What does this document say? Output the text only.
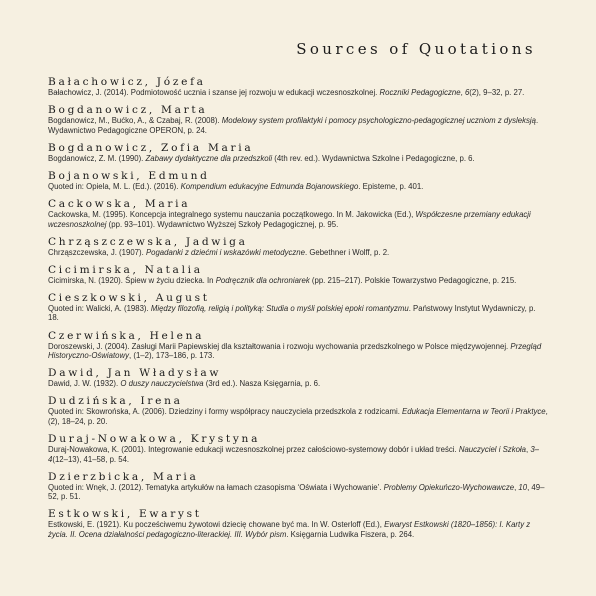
Sources of Quotations
Bałachowicz, Józefa
Bałachowicz, J. (2014). Podmiotowość ucznia i szanse jej rozwoju w edukacji wczesnoszkolnej. Roczniki Pedagogiczne, 6(2), 9–32, p. 27.
Bogdanowicz, Marta
Bogdanowicz, M., Bućko, A., & Czabaj, R. (2008). Modelowy system profilaktyki i pomocy psychologiczno-pedagogicznej uczniom z dysleksją. Wydawnictwo Pedagogiczne OPERON, p. 24.
Bogdanowicz, Zofia Maria
Bogdanowicz, Z. M. (1990). Zabawy dydaktyczne dla przedszkoli (4th rev. ed.). Wydawnictwa Szkolne i Pedagogiczne, p. 6.
Bojanowski, Edmund
Quoted in: Opiela, M. L. (Ed.). (2016). Kompendium edukacyjne Edmunda Bojanowskiego. Episteme, p. 401.
Cackowska, Maria
Cackowska, M. (1995). Koncepcja integralnego systemu nauczania początkowego. In M. Jakowicka (Ed.), Współczesne przemiany edukacji wczesnoszkolnej (pp. 93–101). Wydawnictwo Wyższej Szkoły Pedagogicznej, p. 95.
Chrząszczewska, Jadwiga
Chrząszczewska, J. (1907). Pogadanki z dziećmi i wskazówki metodyczne. Gebethner i Wolff, p. 2.
Cicimirska, Natalia
Cicimirska, N. (1920). Śpiew w życiu dziecka. In Podręcznik dla ochroniarek (pp. 215–217). Polskie Towarzystwo Pedagogiczne, p. 215.
Cieszkowski, August
Quoted in: Walicki, A. (1983). Między filozofią, religią i polityką: Studia o myśli polskiej epoki romantyzmu. Państwowy Instytut Wydawniczy, p. 18.
Czerwińska, Helena
Doroszewski, J. (2004). Zasługi Marii Papiewskiej dla kształtowania i rozwoju wychowania przedszkolnego w Polsce międzywojennej. Przegląd Historyczno-Oświatowy, (1–2), 173–186, p. 173.
Dawid, Jan Władysław
Dawid, J. W. (1932). O duszy nauczycielstwa (3rd ed.). Nasza Księgarnia, p. 6.
Dudzińska, Irena
Quoted in: Skowrońska, A. (2006). Dziedziny i formy współpracy nauczyciela przedszkola z rodzicami. Edukacja Elementarna w Teorii i Praktyce, (2), 18–24, p. 20.
Duraj-Nowakowa, Krystyna
Duraj-Nowakowa, K. (2001). Integrowanie edukacji wczesnoszkolnej przez całościowo-systemowy dobór i układ treści. Nauczyciel i Szkoła, 3–4(12–13), 41–58, p. 54.
Dzierzbicka, Maria
Quoted in: Wnęk, J. (2012). Tematyka artykułów na łamach czasopisma ‘Oświata i Wychowanie’. Problemy Opiekuńczo-Wychowawcze, 10, 49–52, p. 51.
Estkowski, Ewaryst
Estkowski, E. (1921). Ku pocześciwemu żywotowi dziecię chowane być ma. In W. Osterloff (Ed.), Ewaryst Estkowski (1820–1856): I. Karty z życia. II. Ocena działalności pedagogiczno-literackiej. III. Wybór pism. Księgarnia Ludwika Fiszera, p. 264.
